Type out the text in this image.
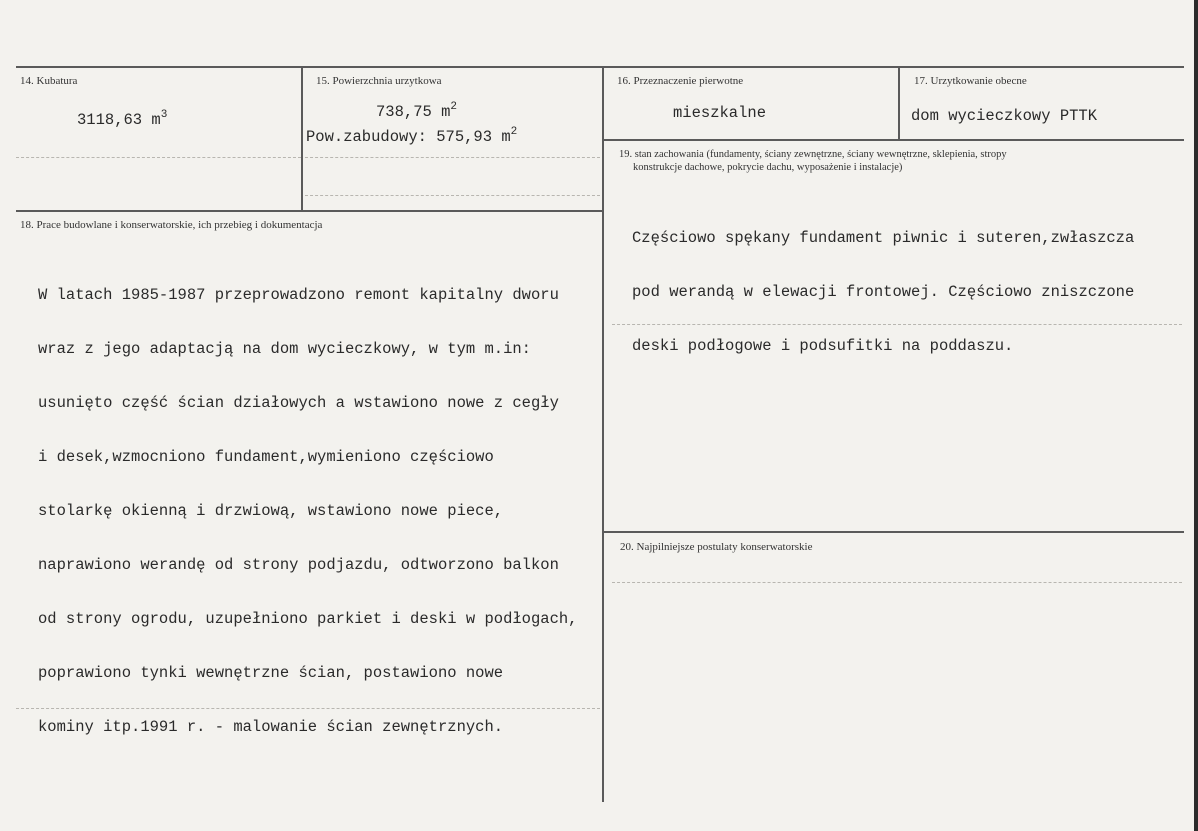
14. Kubatura
3118,63 $m^3$
15. Powierzchnia urzytkowa
738,75 $m^2$
Pow.zabudowy: 575,93 $m^2$
16. Przeznaczenie pierwotne
mieszkalne
17. Urzytkowanie obecne
dom wycieczkowy PTTK
18. Prace budowlane i konserwatorskie, ich przebieg i dokumentacja

W latach 1985-1987 przeprowadzono remont kapitalny dworu

wraz z jego adaptacją na dom wycieczkowy, w tym m.in:

usunięto część ścian działowych a wstawiono nowe z cegły

i desek,wzmocniono fundament,wymieniono częściowo

stolarkę okienną i drzwiową, wstawiono nowe piece,

naprawiono werandę od strony podjazdu, odtworzono balkon

od strony ogrodu, uzupełniono parkiet i deski w podłogach,

poprawiono tynki wewnętrzne ścian, postawiono nowe

kominy itp.1991 r. - malowanie ścian zewnętrznych.

19. stan zachowania (fundamenty, ściany zewnętrzne, ściany wewnętrzne, sklepienia, stropy
konstrukcje dachowe, pokrycie dachu, wyposażenie i instalacje)

Częściowo spękany fundament piwnic i suteren,zwłaszcza

pod werandą w elewacji frontowej. Częściowo zniszczone

deski podłogowe i podsufitki na poddaszu.

20. Najpilniejsze postulaty konserwatorskie
